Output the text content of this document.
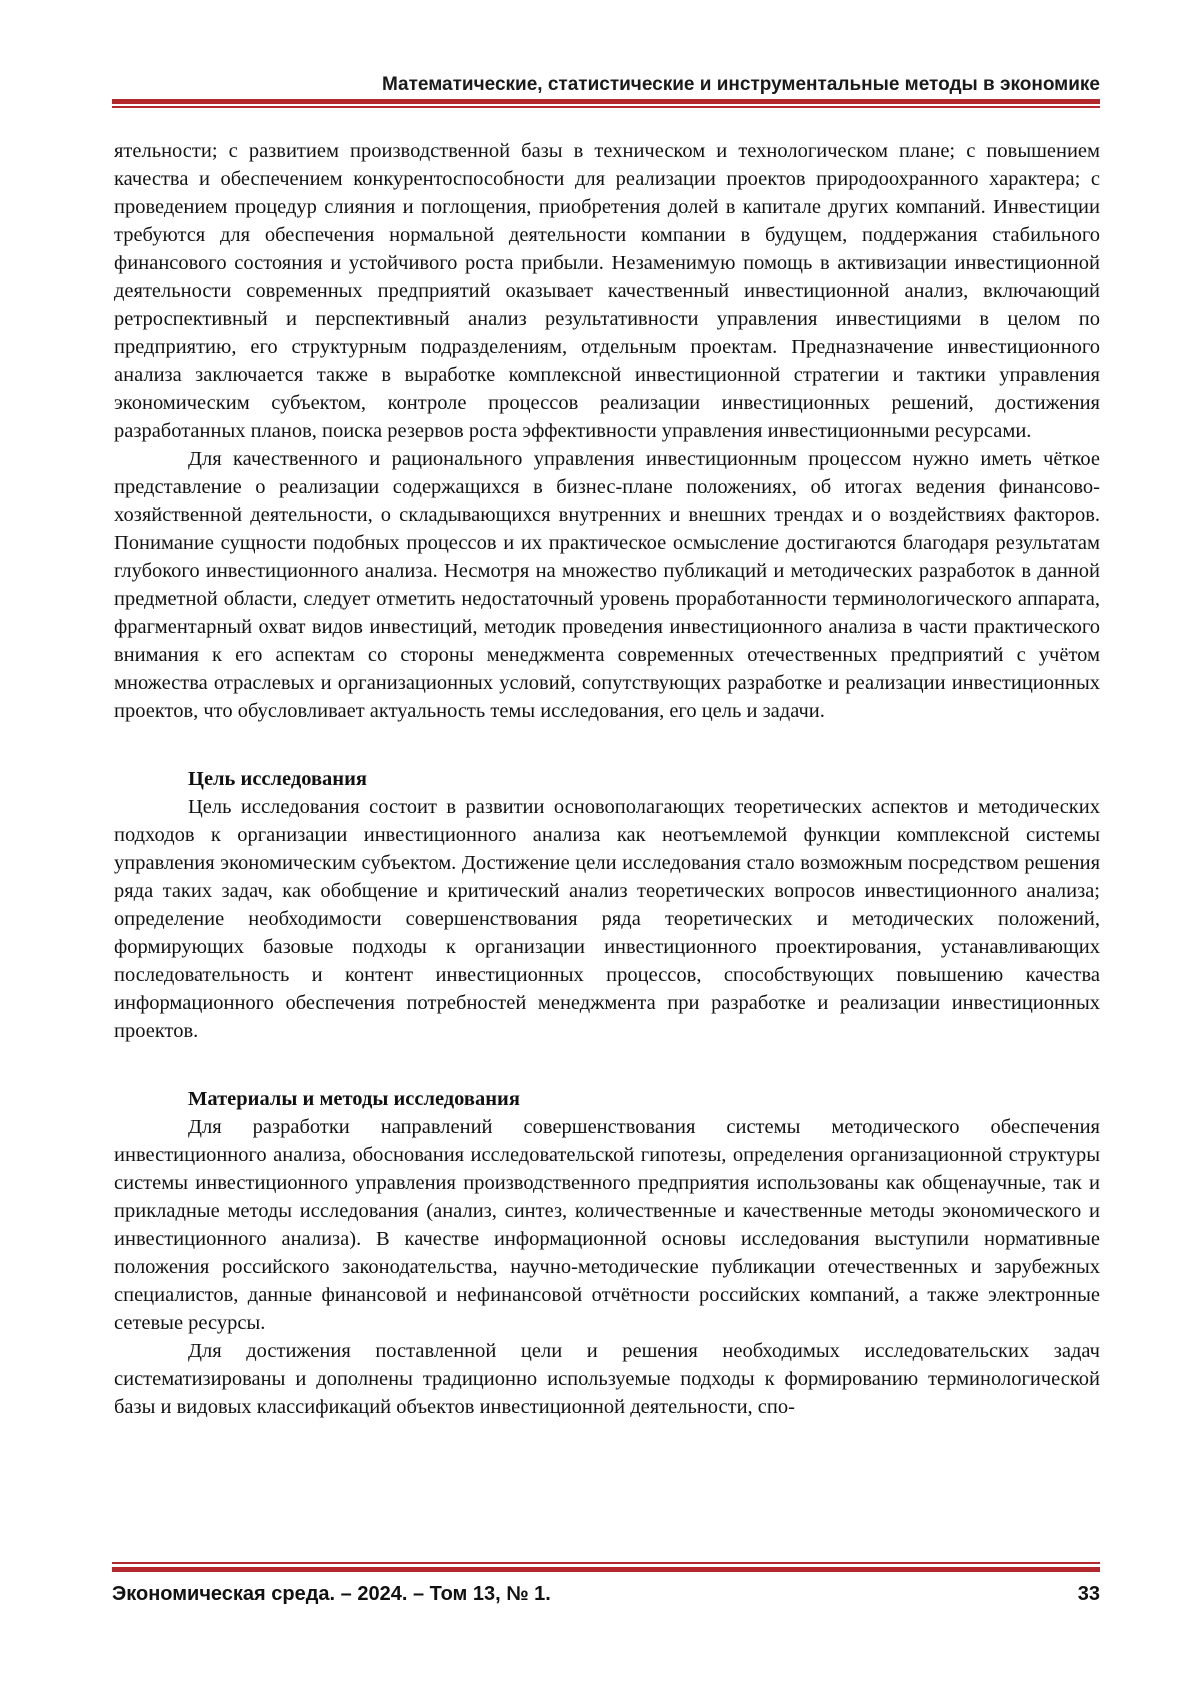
Математические, статистические и инструментальные методы в экономике

ятельности; с развитием производственной базы в техническом и технологическом плане; с повышением качества и обеспечением конкурентоспособности для реализации проектов природоохранного характера; с проведением процедур слияния и поглощения, приобретения долей в капитале других компаний. Инвестиции требуются для обеспечения нормальной деятельности компании в будущем, поддержания стабильного финансового состояния и устойчивого роста прибыли. Незаменимую помощь в активизации инвестиционной деятельности современных предприятий оказывает качественный инвестиционной анализ, включающий ретроспективный и перспективный анализ результативности управления инвестициями в целом по предприятию, его структурным подразделениям, отдельным проектам. Предназначение инвестиционного анализа заключается также в выработке комплексной инвестиционной стратегии и тактики управления экономическим субъектом, контроле процессов реализации инвестиционных решений, достижения разработанных планов, поиска резервов роста эффективности управления инвестиционными ресурсами.

Для качественного и рационального управления инвестиционным процессом нужно иметь чёткое представление о реализации содержащихся в бизнес-плане положениях, об итогах ведения финансово-хозяйственной деятельности, о складывающихся внутренних и внешних трендах и о воздействиях факторов. Понимание сущности подобных процессов и их практическое осмысление достигаются благодаря результатам глубокого инвестиционного анализа. Несмотря на множество публикаций и методических разработок в данной предметной области, следует отметить недостаточный уровень проработанности терминологического аппарата, фрагментарный охват видов инвестиций, методик проведения инвестиционного анализа в части практического внимания к его аспектам со стороны менеджмента современных отечественных предприятий с учётом множества отраслевых и организационных условий, сопутствующих разработке и реализации инвестиционных проектов, что обусловливает актуальность темы исследования, его цель и задачи.

Цель исследования

Цель исследования состоит в развитии основополагающих теоретических аспектов и методических подходов к организации инвестиционного анализа как неотъемлемой функции комплексной системы управления экономическим субъектом. Достижение цели исследования стало возможным посредством решения ряда таких задач, как обобщение и критический анализ теоретических вопросов инвестиционного анализа; определение необходимости совершенствования ряда теоретических и методических положений, формирующих базовые подходы к организации инвестиционного проектирования, устанавливающих последовательность и контент инвестиционных процессов, способствующих повышению качества информационного обеспечения потребностей менеджмента при разработке и реализации инвестиционных проектов.

Материалы и методы исследования

Для разработки направлений совершенствования системы методического обеспечения инвестиционного анализа, обоснования исследовательской гипотезы, определения организационной структуры системы инвестиционного управления производственного предприятия использованы как общенаучные, так и прикладные методы исследования (анализ, синтез, количественные и качественные методы экономического и инвестиционного анализа). В качестве информационной основы исследования выступили нормативные положения российского законодательства, научно-методические публикации отечественных и зарубежных специалистов, данные финансовой и нефинансовой отчётности российских компаний, а также электронные сетевые ресурсы.

Для достижения поставленной цели и решения необходимых исследовательских задач систематизированы и дополнены традиционно используемые подходы к формированию терминологической базы и видовых классификаций объектов инвестиционной деятельности, спо-

Экономическая среда. – 2024. – Том 13, № 1.	33
